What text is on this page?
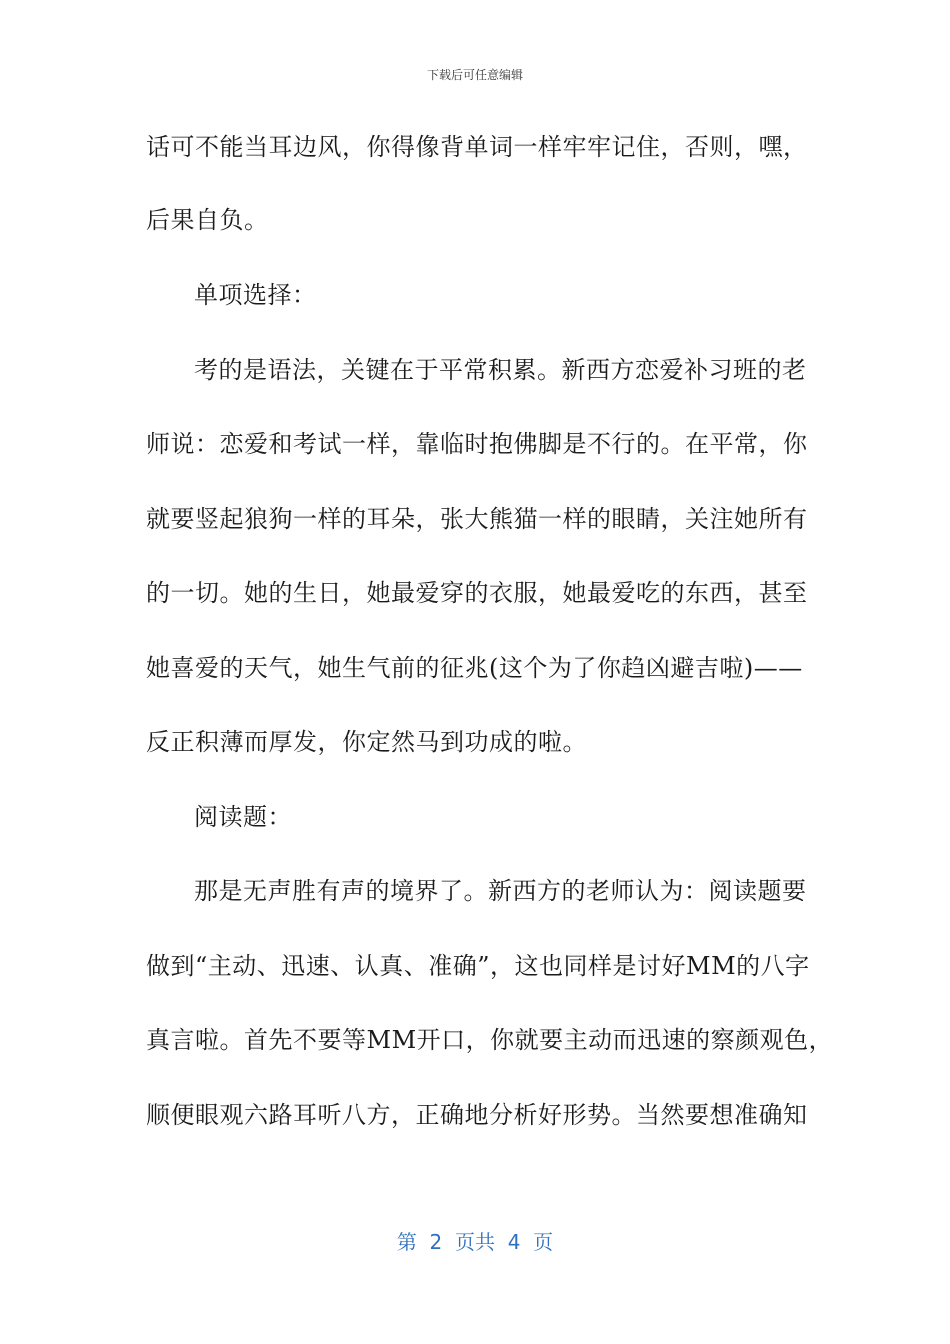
下载后可任意编辑
话可不能当耳边风，你得像背单词一样牢牢记住，否则，嘿，
后果自负。
单项选择：
考的是语法，关键在于平常积累。新西方恋爱补习班的老
师说：恋爱和考试一样，靠临时抱佛脚是不行的。在平常，你
就要竖起狼狗一样的耳朵，张大熊猫一样的眼睛，关注她所有
的一切。她的生日，她最爱穿的衣服，她最爱吃的东西，甚至
她喜爱的天气，她生气前的征兆(这个为了你趋凶避吉啦)——
反正积薄而厚发，你定然马到功成的啦。
阅读题：
那是无声胜有声的境界了。新西方的老师认为：阅读题要
做到“主动、迅速、认真、准确”，这也同样是讨好MM的八字
真言啦。首先不要等MM开口，你就要主动而迅速的察颜观色，
顺便眼观六路耳听八方，正确地分析好形势。当然要想准确知
第  2  页共  4  页
